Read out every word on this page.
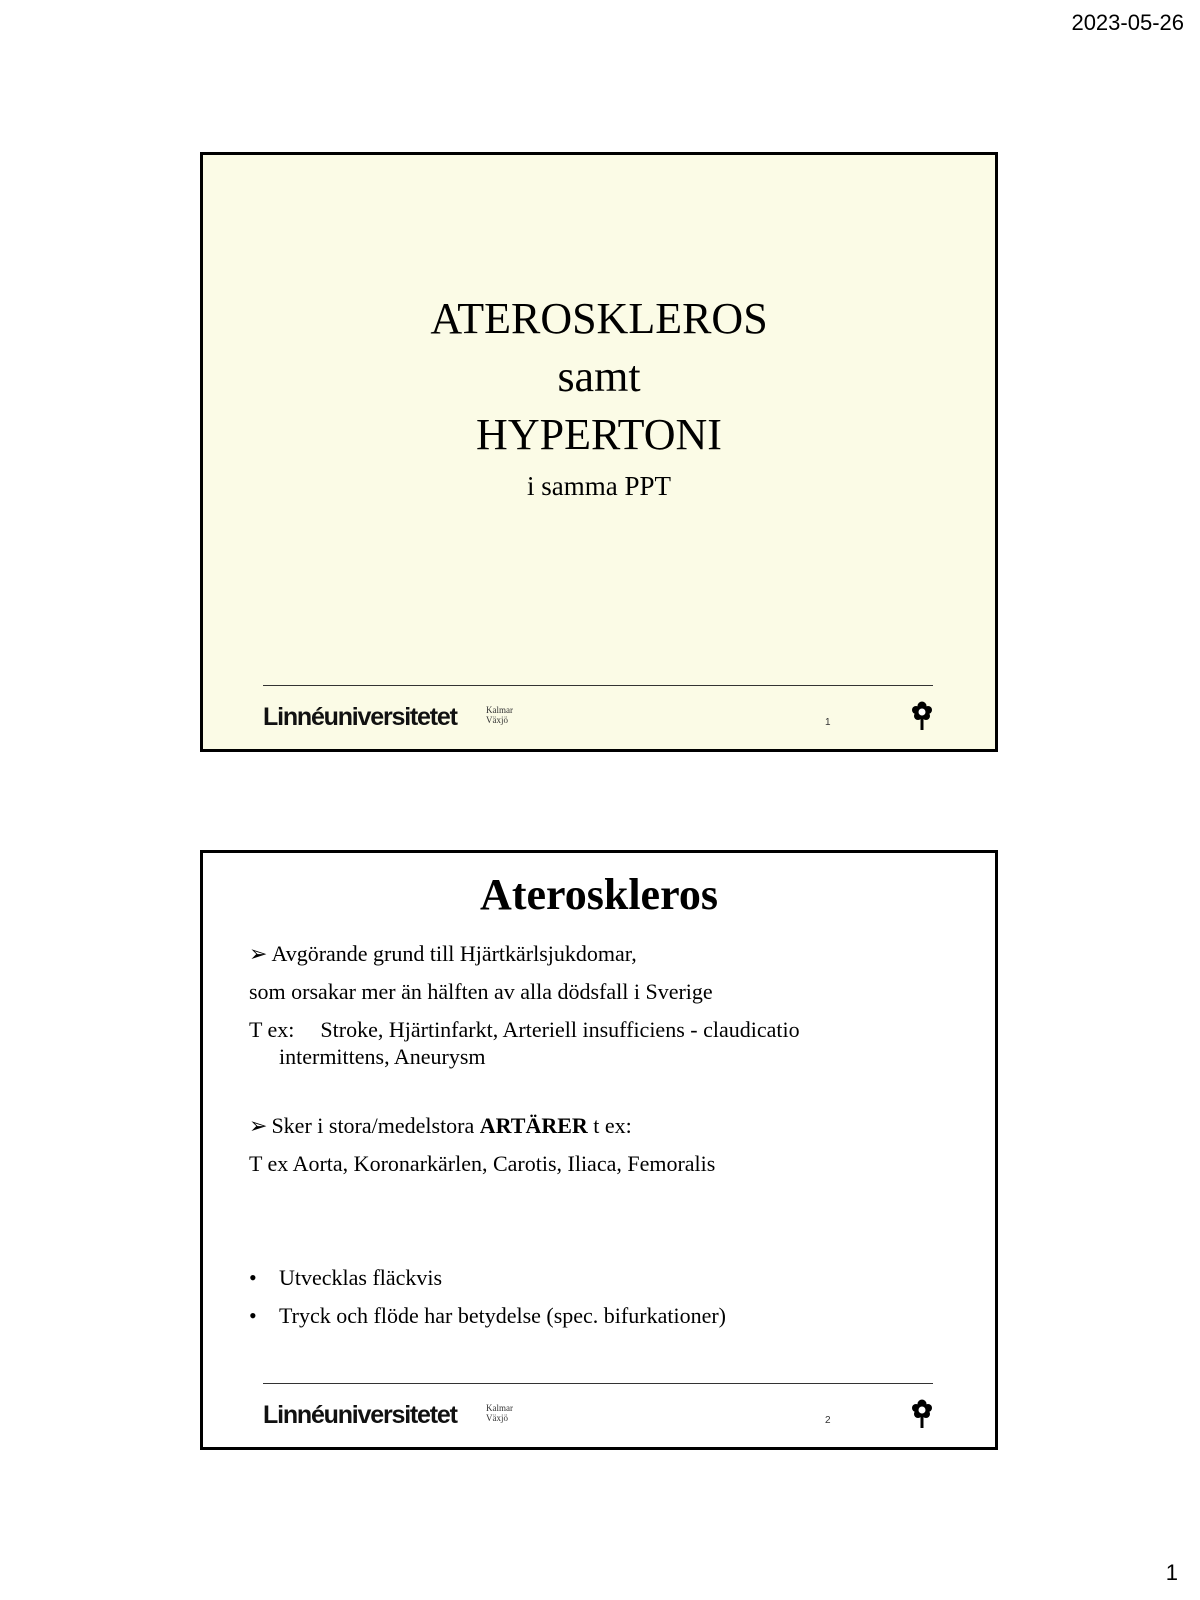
2023-05-26
ATEROSKLEROS
samt
HYPERTONI
i samma PPT
Linnéuniversitetet	Kalmar
Växjö	1
Ateroskleros

➢ Avgörande grund till Hjärtkärlsjukdomar,

som orsakar mer än hälften av alla dödsfall i Sverige

T ex: Stroke, Hjärtinfarkt, Arteriell insufficiens - claudicatio

intermittens, Aneurysm

➢ Sker i stora/medelstora ARTÄRER t ex:

T ex Aorta, Koronarkärlen, Carotis, Iliaca, Femoralis

•	Utvecklas fläckvis

•	Tryck och flöde har betydelse (spec. bifurkationer)

Linnéuniversitetet	Kalmar
Växjö	2
1
